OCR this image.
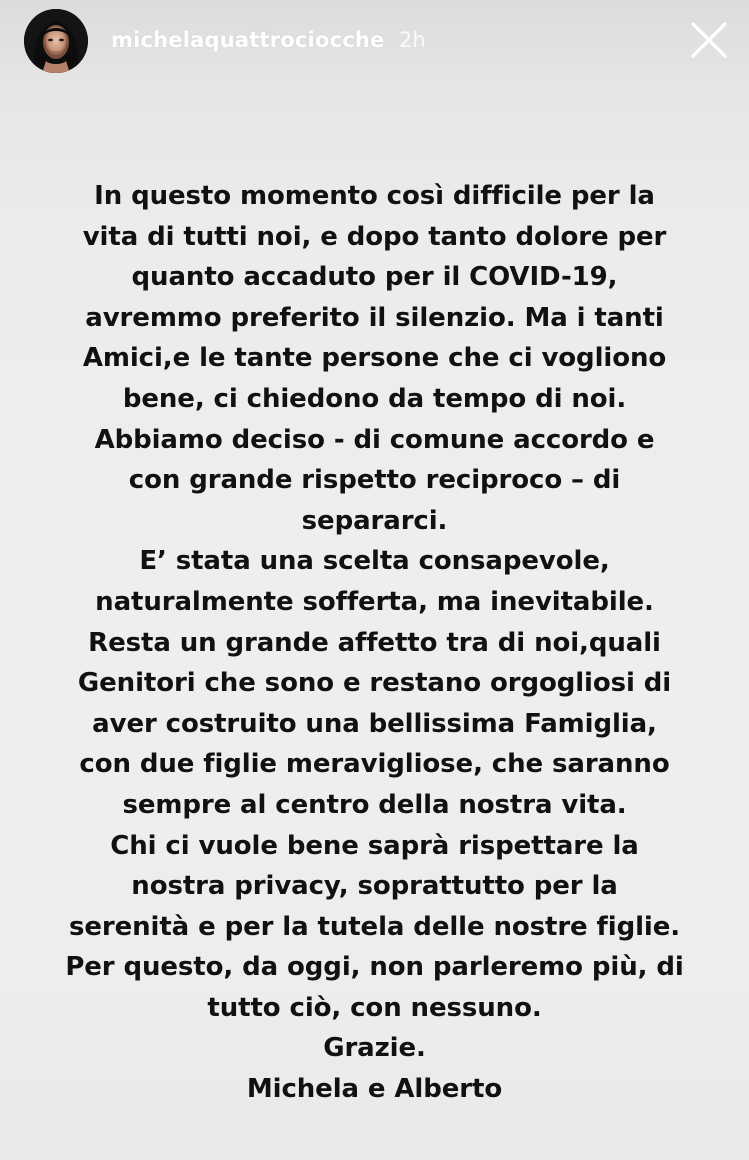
michelaquattrociocche 2h
In questo momento così difficile per la
vita di tutti noi, e dopo tanto dolore per
quanto accaduto per il COVID-19,
avremmo preferito il silenzio. Ma i tanti
Amici,e le tante persone che ci vogliono
bene, ci chiedono da tempo di noi.
Abbiamo deciso - di comune accordo e
con grande rispetto reciproco – di
separarci.
E’ stata una scelta consapevole,
naturalmente sofferta, ma inevitabile.
Resta un grande affetto tra di noi,quali
Genitori che sono e restano orgogliosi di
aver costruito una bellissima Famiglia,
con due figlie meravigliose, che saranno
sempre al centro della nostra vita.
Chi ci vuole bene saprà rispettare la
nostra privacy, soprattutto per la
serenità e per la tutela delle nostre figlie.
Per questo, da oggi, non parleremo più, di
tutto ciò, con nessuno.
Grazie.
Michela e Alberto
